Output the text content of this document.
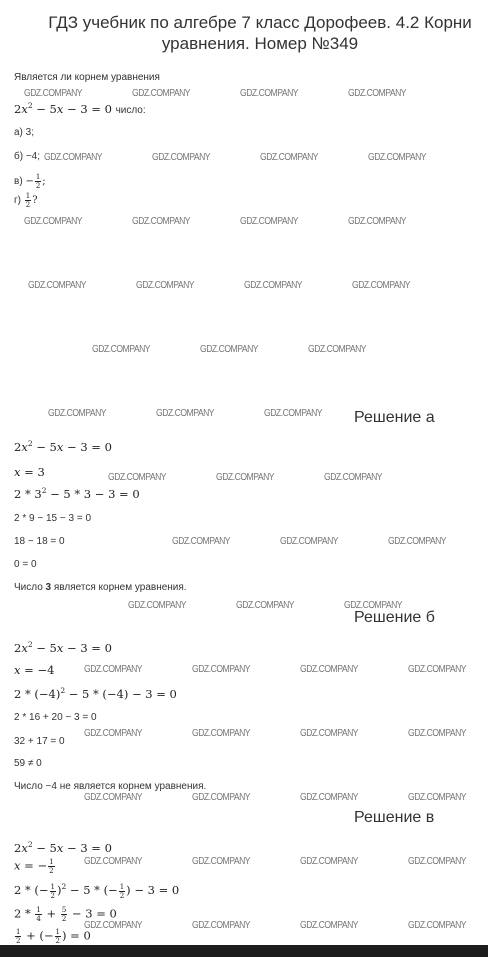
ГДЗ учебник по алгебре 7 класс Дорофеев. 4.2 Корни
уравнения. Номер №349
Является ли корнем уравнения
$2x^2 - 5x - 3 = 0$ число:
а) 3;
б) −4;
$в) - \frac{1}{2}$ ;
$г) \frac{1}{2}$ ?
Решение а
$2x^2 - 5x - 3 = 0$
x = 3
$2 * 3^2 - 5 * 3 - 3 = 0$
2 * 9 − 15 − 3 = 0
18 − 18 = 0
0 = 0
Число 3 является корнем уравнения.
Решение б
$2x^2 - 5x - 3 = 0$
x = −4
$2 * (-4)^2 - 5 * (-4) - 3 = 0$
2 * 16 + 20 − 3 = 0
32 + 17 = 0
59 ≠ 0
Число −4 не является корнем уравнения.
Решение в
$2x^2 - 5x - 3 = 0$
x = − $\frac{1}{2}$
2 * (− $\frac{1}{2} )^2 - 5$ * (− $\frac{1}{2}$ ) − 3 = 0
$2 * \frac{1}{4} + \frac{5}{2} - 3 = 0$
$\frac{1}{2}$ + (− $\frac{1}{2}$ ) = 0
GDZ.COMPANY	GDZ.COMPANY	GDZ.COMPANY	GDZ.COMPANY
GDZ.COMPANY	GDZ.COMPANY	GDZ.COMPANY	GDZ.COMPANY
GDZ.COMPANY	GDZ.COMPANY	GDZ.COMPANY	GDZ.COMPANY
GDZ.COMPANY	GDZ.COMPANY	GDZ.COMPANY	GDZ.COMPANY
GDZ.COMPANY	GDZ.COMPANY	GDZ.COMPANY
GDZ.COMPANY	GDZ.COMPANY	GDZ.COMPANY
GDZ.COMPANY	GDZ.COMPANY	GDZ.COMPANY
GDZ.COMPANY	GDZ.COMPANY	GDZ.COMPANY
GDZ.COMPANY	GDZ.COMPANY	GDZ.COMPANY
GDZ.COMPANY	GDZ.COMPANY	GDZ.COMPANY	GDZ.COMPANY
GDZ.COMPANY	GDZ.COMPANY	GDZ.COMPANY	GDZ.COMPANY
GDZ.COMPANY	GDZ.COMPANY	GDZ.COMPANY	GDZ.COMPANY
GDZ.COMPANY	GDZ.COMPANY	GDZ.COMPANY	GDZ.COMPANY
GDZ.COMPANY	GDZ.COMPANY	GDZ.COMPANY	GDZ.COMPANY
